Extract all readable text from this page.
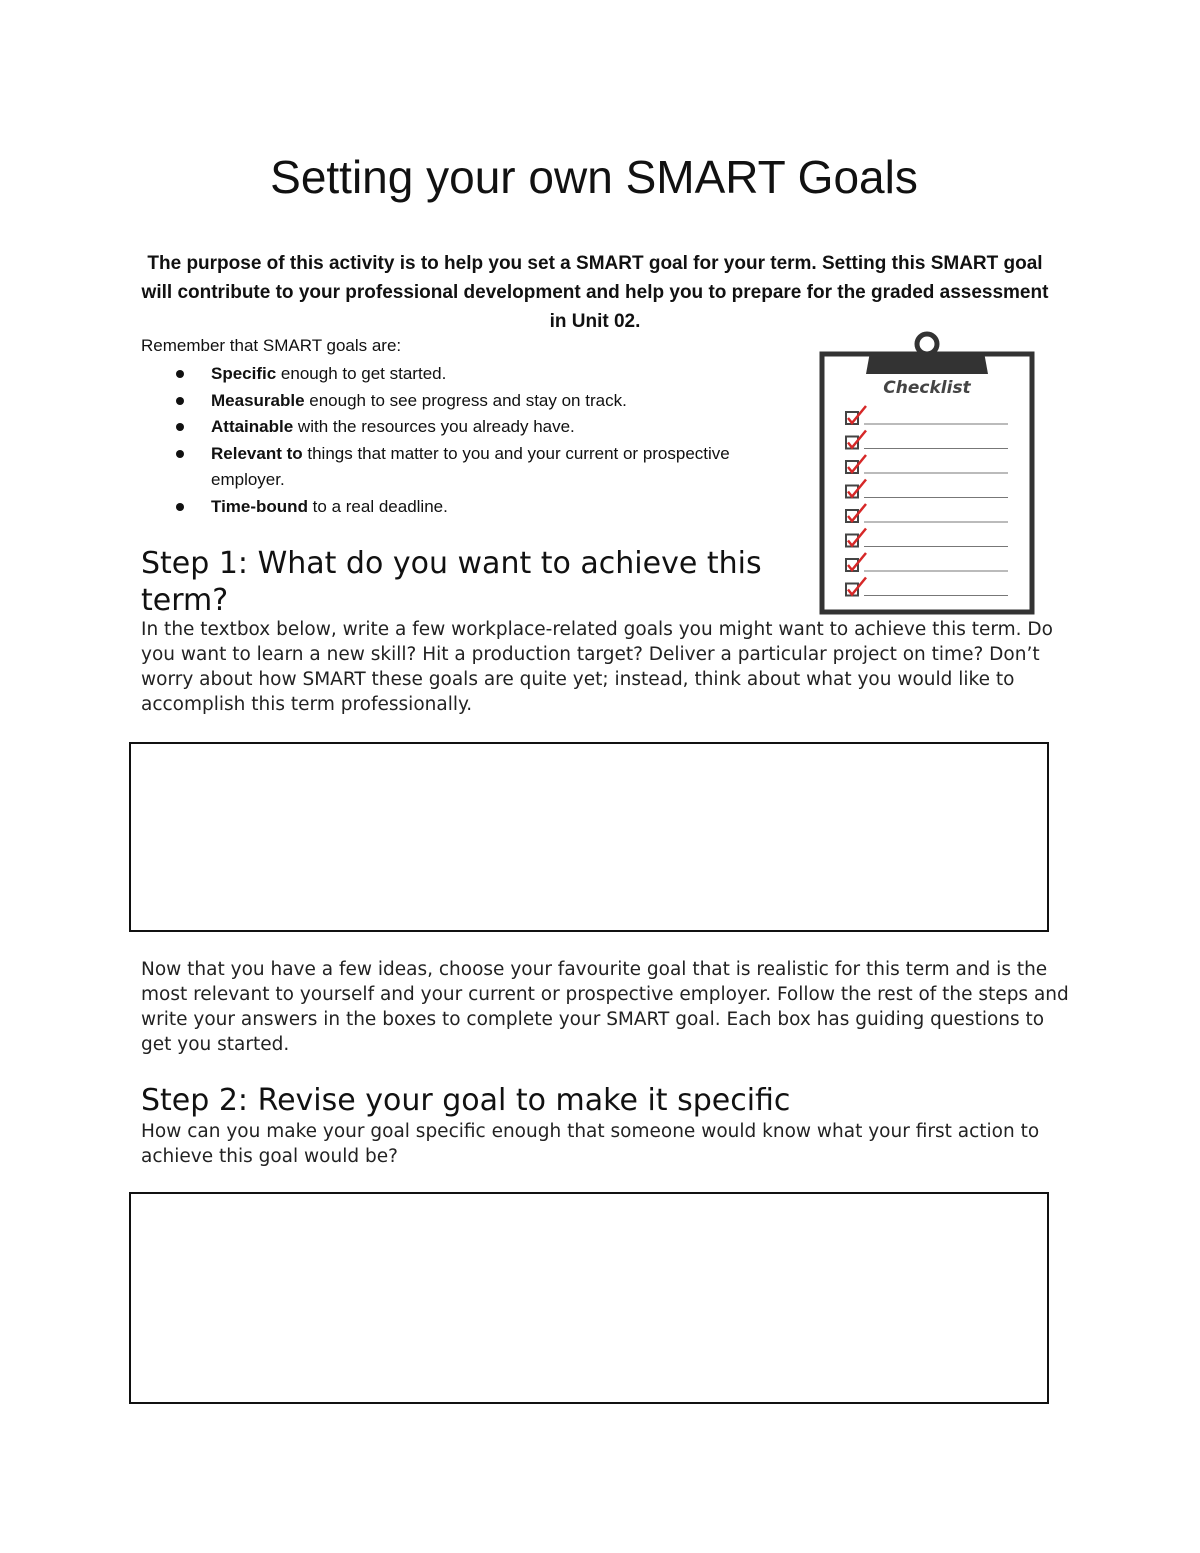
Setting your own SMART Goals

The purpose of this activity is to help you set a SMART goal for your term. Setting this SMART goal will contribute to your professional development and help you to prepare for the graded assessment in Unit 02.

Remember that SMART goals are:

Specific enough to get started.
Measurable enough to see progress and stay on track.
Attainable with the resources you already have.
Relevant to things that matter to you and your current or prospective employer.
Time-bound to a real deadline.
Checklist
Step 1: What do you want to achieve this term?

In the textbox below, write a few workplace-related goals you might want to achieve this term. Do you want to learn a new skill? Hit a production target? Deliver a particular project on time? Don’t worry about how SMART these goals are quite yet; instead, think about what you would like to accomplish this term professionally.

Now that you have a few ideas, choose your favourite goal that is realistic for this term and is the most relevant to yourself and your current or prospective employer. Follow the rest of the steps and write your answers in the boxes to complete your SMART goal. Each box has guiding questions to get you started.

Step 2: Revise your goal to make it specific

How can you make your goal specific enough that someone would know what your first action to achieve this goal would be?
